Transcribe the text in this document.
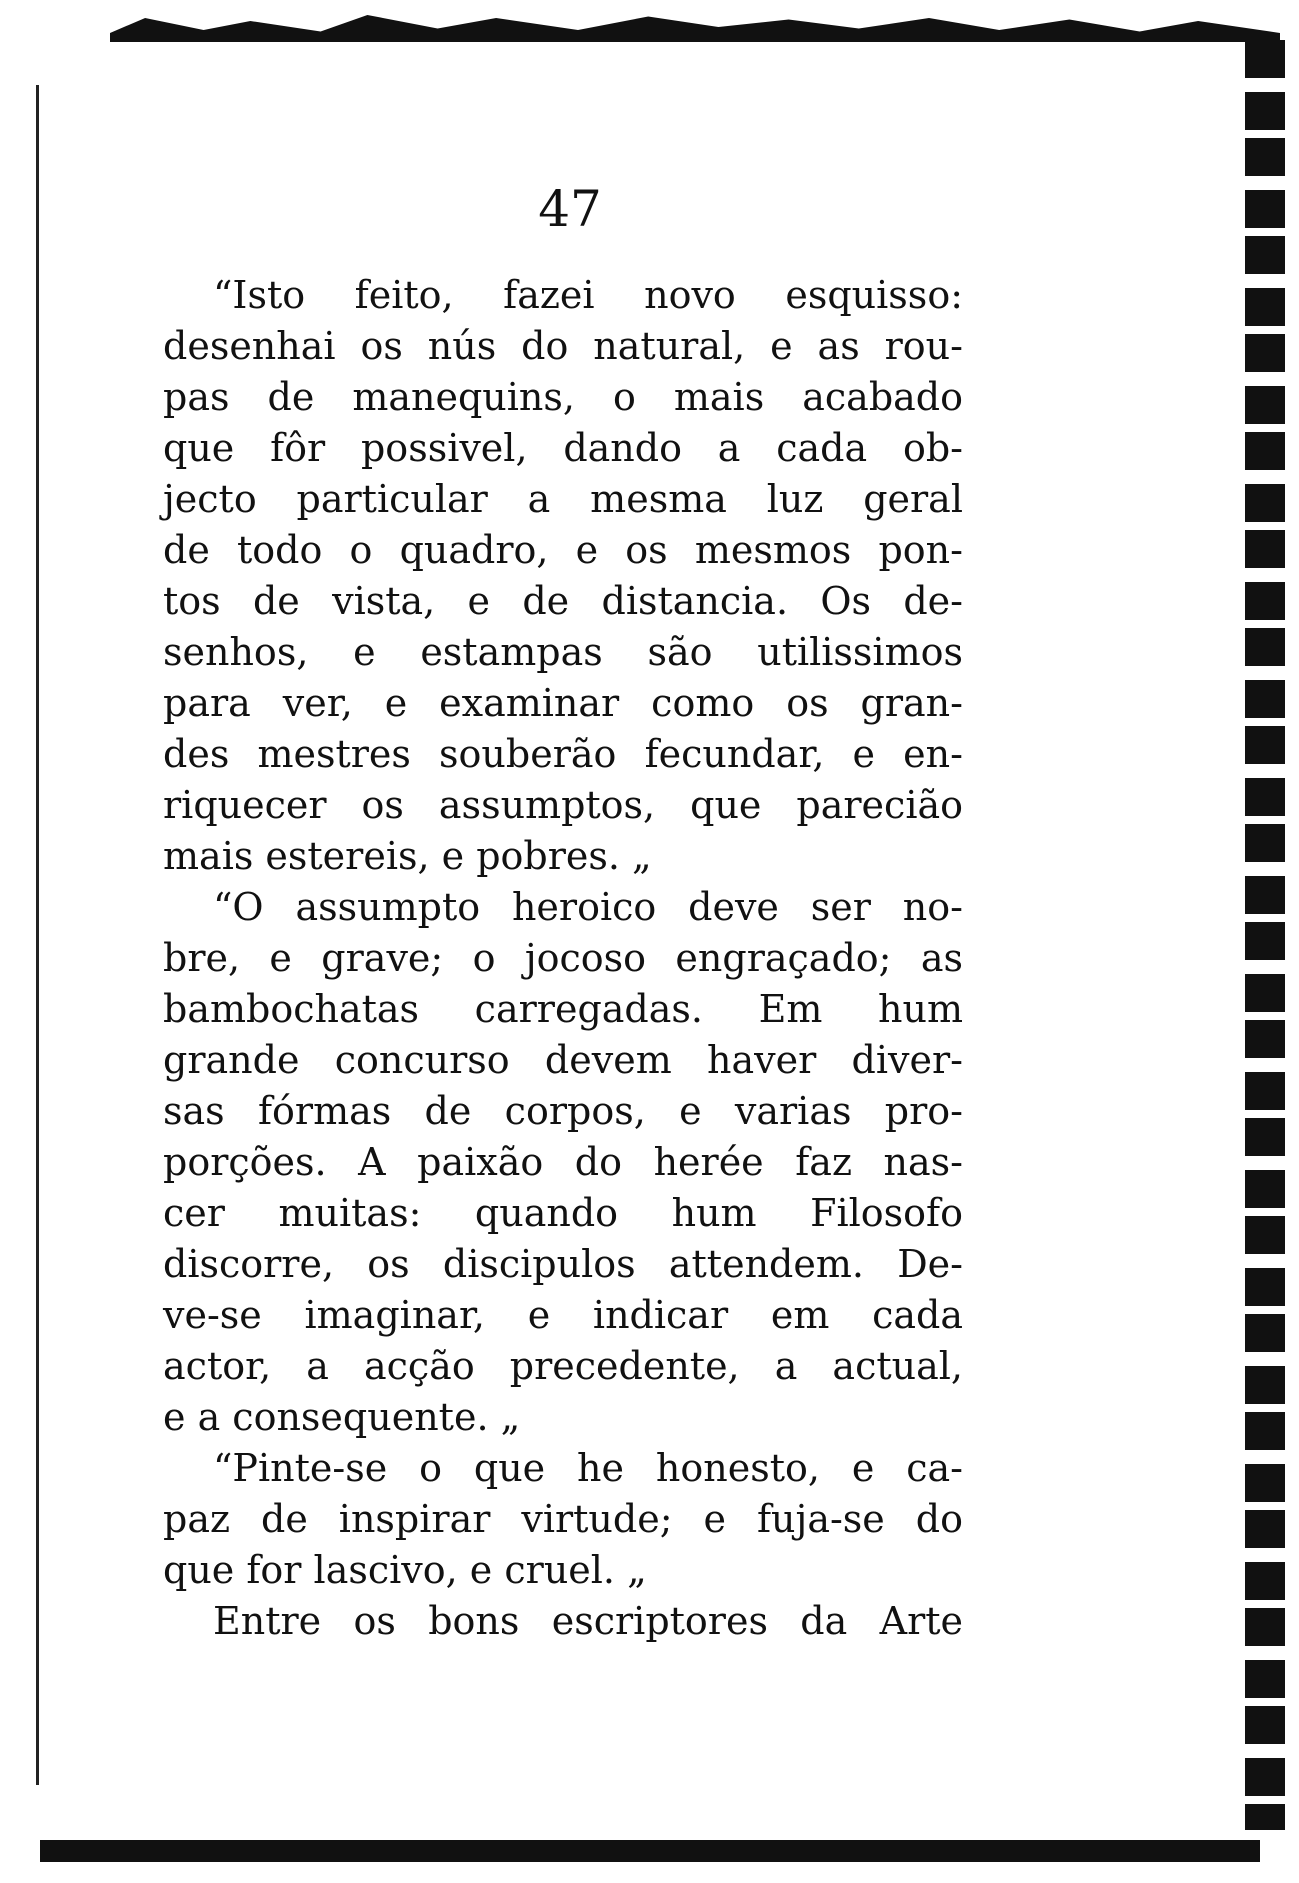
47
“Isto feito, fazei novo esquisso:
desenhai os nús do natural, e as rou-
pas de manequins, o mais acabado
que fôr possivel, dando a cada ob-
jecto particular a mesma luz geral
de todo o quadro, e os mesmos pon-
tos de vista, e de distancia. Os de-
senhos, e estampas são utilissimos
para ver, e examinar como os gran-
des mestres souberão fecundar, e en-
riquecer os assumptos, que parecião
mais estereis, e pobres. „
“O assumpto heroico deve ser no-
bre, e grave; o jocoso engraçado; as
bambochatas carregadas. Em hum
grande concurso devem haver diver-
sas fórmas de corpos, e varias pro-
porções. A paixão do herée faz nas-
cer muitas: quando hum Filosofo
discorre, os discipulos attendem. De-
ve-se imaginar, e indicar em cada
actor, a acção precedente, a actual,
e a consequente. „
“Pinte-se o que he honesto, e ca-
paz de inspirar virtude; e fuja-se do
que for lascivo, e cruel. „
Entre os bons escriptores da Arte
